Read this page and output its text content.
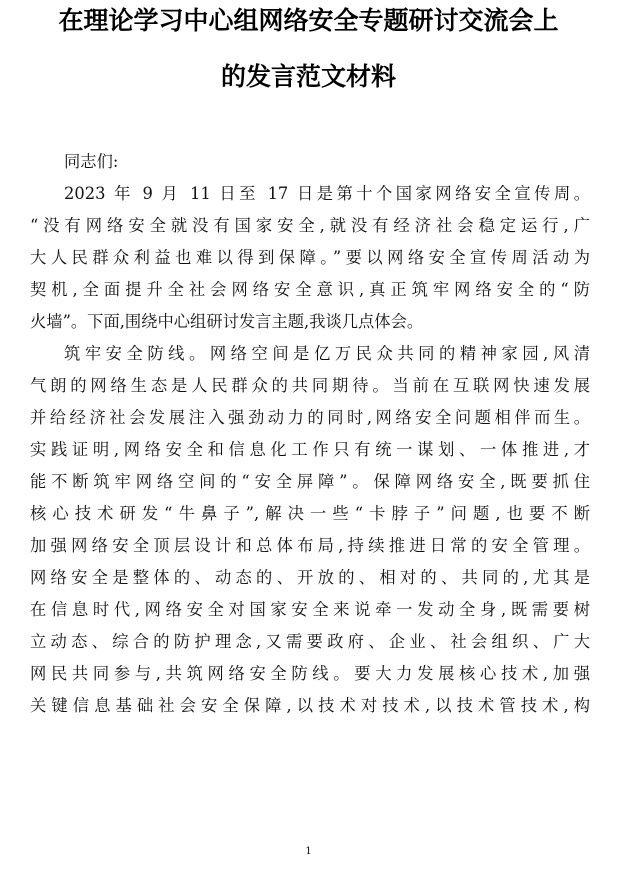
在理论学习中心组网络安全专题研讨交流会上
的发言范文材料
同志们:
2023 年 9 月 11 日至 17 日是第十个国家网络安全宣传周。
“没有网络安全就没有国家安全,就没有经济社会稳定运行,广
大人民群众利益也难以得到保障。”要以网络安全宣传周活动为
契机,全面提升全社会网络安全意识,真正筑牢网络安全的“防
火墙”。下面,围绕中心组研讨发言主题,我谈几点体会。
筑牢安全防线。网络空间是亿万民众共同的精神家园,风清
气朗的网络生态是人民群众的共同期待。当前在互联网快速发展
并给经济社会发展注入强劲动力的同时,网络安全问题相伴而生。
实践证明,网络安全和信息化工作只有统一谋划、一体推进,才
能不断筑牢网络空间的“安全屏障”。保障网络安全,既要抓住
核心技术研发“牛鼻子”,解决一些“卡脖子”问题,也要不断
加强网络安全顶层设计和总体布局,持续推进日常的安全管理。
网络安全是整体的、动态的、开放的、相对的、共同的,尤其是
在信息时代,网络安全对国家安全来说牵一发动全身,既需要树
立动态、综合的防护理念,又需要政府、企业、社会组织、广大
网民共同参与,共筑网络安全防线。要大力发展核心技术,加强
关键信息基础社会安全保障,以技术对技术,以技术管技术,构
1
